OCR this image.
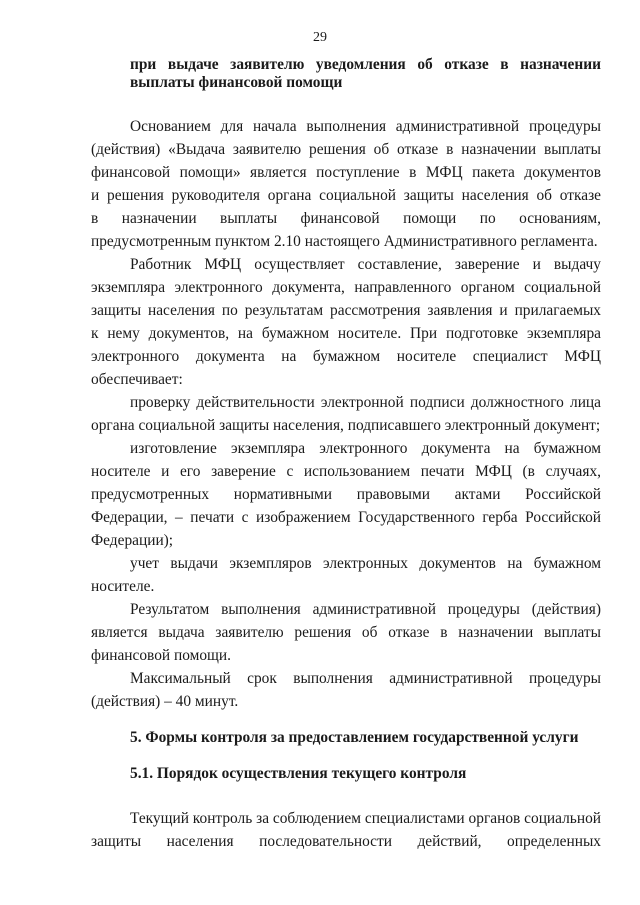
29
при выдаче заявителю уведомления об отказе в назначении
выплаты финансовой помощи
Основанием для начала выполнения административной процедуры
(действия) «Выдача заявителю решения об отказе в назначении выплаты
финансовой помощи» является поступление в МФЦ пакета документов
и решения руководителя органа социальной защиты населения об отказе
в назначении выплаты финансовой помощи по основаниям,
предусмотренным пунктом 2.10 настоящего Административного регламента.
Работник МФЦ осуществляет составление, заверение и выдачу
экземпляра электронного документа, направленного органом социальной
защиты населения по результатам рассмотрения заявления и прилагаемых
к нему документов, на бумажном носителе. При подготовке экземпляра
электронного документа на бумажном носителе специалист МФЦ
обеспечивает:
проверку действительности электронной подписи должностного лица
органа социальной защиты населения, подписавшего электронный документ;
изготовление экземпляра электронного документа на бумажном
носителе и его заверение с использованием печати МФЦ (в случаях,
предусмотренных нормативными правовыми актами Российской
Федерации, – печати с изображением Государственного герба Российской
Федерации);
учет выдачи экземпляров электронных документов на бумажном
носителе.
Результатом выполнения административной процедуры (действия)
является выдача заявителю решения об отказе в назначении выплаты
финансовой помощи.
Максимальный срок выполнения административной процедуры
(действия) – 40 минут.
5. Формы контроля за предоставлением государственной услуги
5.1. Порядок осуществления текущего контроля
Текущий контроль за соблюдением специалистами органов социальной
защиты населения последовательности действий, определенных
